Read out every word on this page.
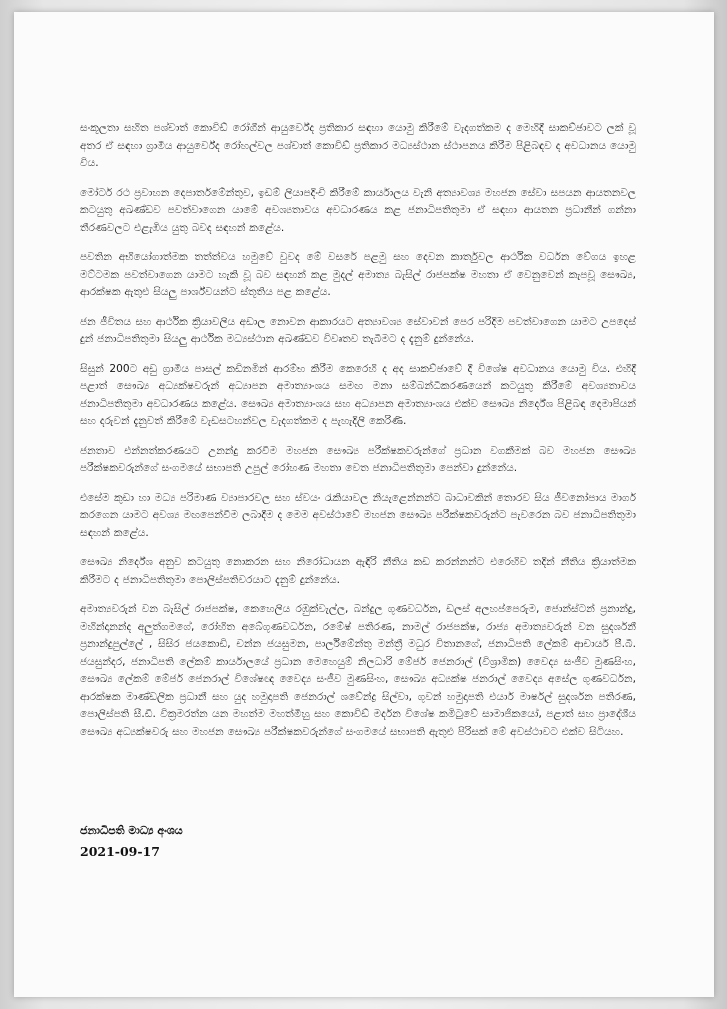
සංකූලතා සහිත පශ්චාත් කොවිඩ් රෝගීන් ආයුර්වේද ප්‍රතිකාර සඳහා යොමු කිරීමේ වැදගත්කම ද මෙහිදී සාකච්ඡාවට ලක් වූ අතර ඒ සඳහා ග්‍රාමීය ආයුර්වේද රෝහල්වල පශ්චාත් කොවිඩ් ප්‍රතිකාර මධ්‍යස්ථාන ස්ථාපනය කිරීම පිළිබඳව ද අවධානය යොමු විය.

මෝටර් රථ ප්‍රවාහන දෙපාර්තමේන්තුව, ඉඩම් ලියාපදිංචි කිරීමේ කාර්යාලය වැනි අත්‍යාවශ්‍ය මහජන සේවා සපයන ආයතනවල කටයුතු අඛණ්ඩව පවත්වාගෙන යාමේ අවශ්‍යතාවය අවධාරණය කළ ජනාධිපතිතුමා ඒ සඳහා ආයතන ප්‍රධානීන් ගන්නා තීරණවලට එළැඹිය යුතු බවද සඳහන් කළේය.

පවතින අභියෝගාත්මක තත්ත්වය හමුවේ වුවද මේ වසරේ පළමු සහ දෙවන කාර්තුවල ආර්ථික වර්ධන වේගය ඉහළ මට්ටමක පවත්වාගෙන යාමට හැකි වූ බව සඳහන් කළ මුදල් අමාත්‍ය බැසිල් රාජපක්ෂ මහතා ඒ වෙනුවෙන් කැපවූ සෞඛ්‍ය, ආරක්ෂක ඇතුළු සියලු පාර්ශ්වයන්ට ස්තූතිය පළ කළේය.

ජන ජීවිතය සහ ආර්ථික ක්‍රියාවලිය අඩාල නොවන ආකාරයට අත්‍යාවශ්‍ය සේවාවන් පෙර පරිදිම පවත්වාගෙන යාමට උපදෙස් දුන් ජනාධිපතිතුමා සියලු ආර්ථික මධ්‍යස්ථාන අඛණ්ඩව විවෘතව තැබීමට ද දැනුම් දුන්නේය.

සිසුන් 200ට අඩු ග්‍රාමීය පාසල් කඩිනමින් ආරම්භ කිරීම කෙරෙහි ද අද සාකච්ඡාවේ දී විශේෂ අවධානය යොමු විය. එහිදී පළාත් සෞඛ්‍ය අධ්‍යක්ෂවරුන් අධ්‍යාපන අමාත්‍යාංශය සමඟ මනා සම්බන්ධීකරණයෙන් කටයුතු කිරීමේ අවශ්‍යතාවය ජනාධිපතිතුමා අවධාරණය කළේය. සෞඛ්‍ය අමාත්‍යාංශය සහ අධ්‍යාපන අමාත්‍යාංශය එක්ව සෞඛ්‍ය නිර්දේශ පිළිබඳ දෙමාපියන් සහ දරුවන් දැනුවත් කිරීමේ වැඩසටහන්වල වැදගත්කම ද පැහැදිලි කෙරිණි.

ජනතාව එන්නත්කරණයට උනන්දු කරවීම මහජන සෞඛ්‍ය පරීක්ෂකවරුන්ගේ ප්‍රධාන වගකීමක් බව මහජන සෞඛ්‍ය පරීක්ෂකවරුන්ගේ සංගමයේ සභාපති උපුල් රෝහණ මහතා වෙත ජනාධිපතිතුමා පෙන්වා දුන්නේය.

එසේම කුඩා හා මධ්‍ය පරිමාණ ව්‍යාපාරවල සහ ස්වයං රැකියාවල නියැළෙන්නන්ට බාධාවකින් තොරව සිය ජීවනෝපාය මාර්ග කරගෙන යාමට අවශ්‍ය මඟපෙන්වීම ලබාදීම ද මෙම අවස්ථාවේ මහජන සෞඛ්‍ය පරීක්ෂකවරුන්ට පැවරෙන බව ජනාධිපතිතුමා සඳහන් කළේය.

සෞඛ්‍ය නිර්දේශ අනුව කටයුතු නොකරන සහ නිරෝධායන ඇඳිරි නීතිය කඩ කරන්නන්ට එරෙහිව තදින් නීතිය ක්‍රියාත්මක කිරීමට ද ජනාධිපතිතුමා පොලිස්පතිවරයාට දැනුම් දුන්නේය.

අමාත්‍යවරුන් වන බැසිල් රාජපක්ෂ, කෙහෙලිය රඹුක්වැල්ල, බන්දුල ගුණවර්ධන, ඩලස් අලහප්පෙරුම, ජොන්ස්ටන් ප්‍රනාන්දු, මහින්දානන්ද අලුත්ගමගේ, රෝහිත අබේගුණවර්ධන, රමේෂ් පතිරණ, නාමල් රාජපක්ෂ, රාජ්‍ය අමාත්‍යවරුන් වන සුදර්ශනී ප්‍රනාන්දුපුල්ලේ , සිසිර ජයකොඩි, චන්න ජයසුමන, පාර්ලිමේන්තු මන්ත්‍රී මධුර විතානගේ, ජනාධිපති ලේකම් ආචාර්ය පී.බී. ජයසුන්දර, ජනාධිපති ලේකම් කාර්යාලයේ ප්‍රධාන මෙහෙයුම් නිලධාරි මේජර් ජෙනරාල් (විශ්‍රාමික) වෛද්‍ය සංජීව මුණසිංහ, සෞඛ්‍ය ලේකම් මේජර් ජෙනරාල් විශේෂඥ වෛද්‍ය සංජීව මුණසිංහ, සෞඛ්‍ය අධ්‍යක්ෂ ජනරාල් වෛද්‍ය අසේල ගුණවර්ධන, ආරක්ෂක මාණ්ඩලික ප්‍රධානී සහ යුද හමුදාපති ජෙනරාල් ශවේන්ද්‍ර සිල්වා, ගුවන් හමුදාපති එයාර් මාර්ෂල් සුදර්ශන පතිරණ, පොලිස්පති සී.ඩී. වික්‍රමරත්න යන මහත්ම මහත්මීහු සහ කොවිඩ් මර්දන විශේෂ කමිටුවේ සාමාජිකයෝ, පළාත් සහ ප්‍රාදේශීය සෞඛ්‍ය අධ්‍යක්ෂවරු සහ මහජන සෞඛ්‍ය පරීක්ෂකවරුන්ගේ සංගමයේ සභාපති ඇතුළු පිරිසක් මේ අවස්ථාවට එක්ව සිටියහ.

ජනාධිපති මාධ්‍ය අංශය
2021-09-17
